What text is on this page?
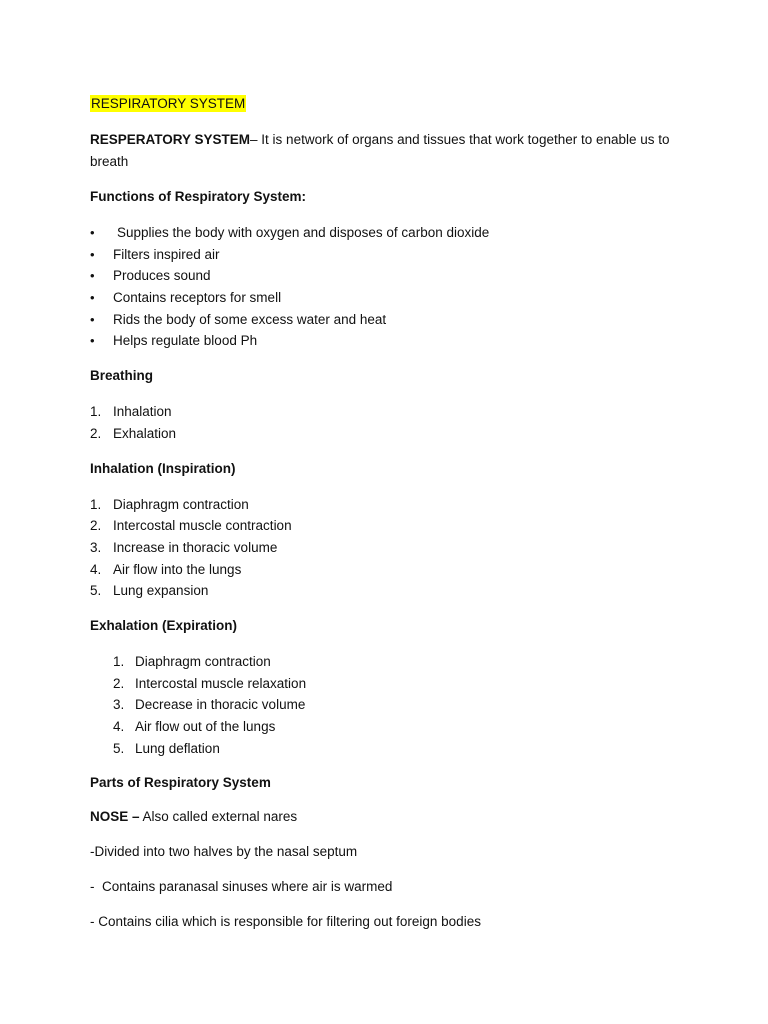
RESPIRATORY SYSTEM
RESPERATORY SYSTEM– It is network of organs and tissues that work together to enable us to breath
Functions of Respiratory System:
• Supplies the body with oxygen and disposes of carbon dioxide
• Filters inspired air
• Produces sound
• Contains receptors for smell
• Rids the body of some excess water and heat
• Helps regulate blood Ph
Breathing
1. Inhalation
2. Exhalation
Inhalation (Inspiration)
1. Diaphragm contraction
2. Intercostal muscle contraction
3. Increase in thoracic volume
4. Air flow into the lungs
5. Lung expansion
Exhalation (Expiration)
1. Diaphragm contraction
2. Intercostal muscle relaxation
3. Decrease in thoracic volume
4. Air flow out of the lungs
5. Lung deflation
Parts of Respiratory System
NOSE – Also called external nares
-Divided into two halves by the nasal septum
-  Contains paranasal sinuses where air is warmed
- Contains cilia which is responsible for filtering out foreign bodies
